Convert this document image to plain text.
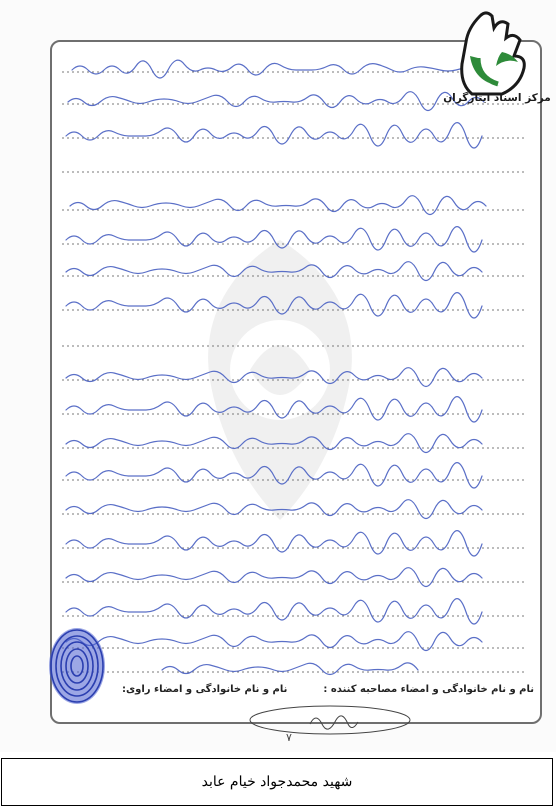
مرکز اسناد ایثارگران
نام و نام خانوادگی و امضاء مصاحبه کننده :
نام و نام خانوادگی و امضاء راوی:
۷
شهید محمدجواد خیام عابد
